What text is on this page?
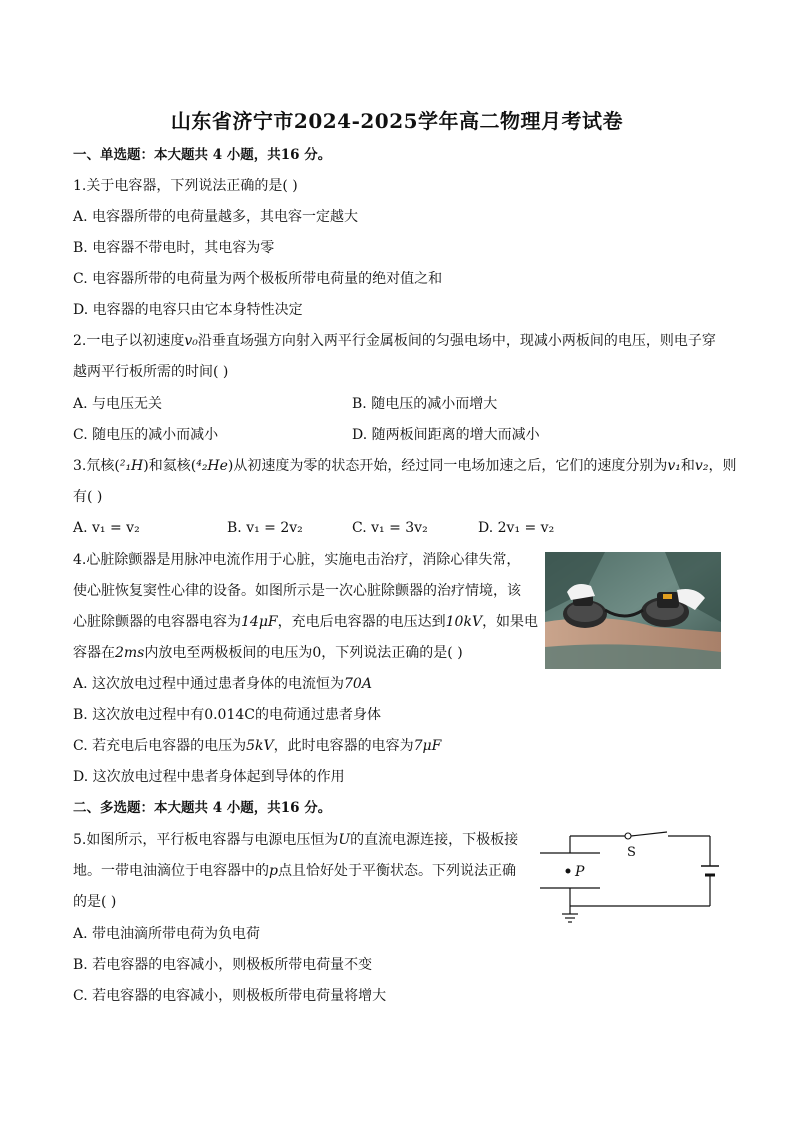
山东省济宁市2024-2025学年高二物理月考试卷
一、单选题：本大题共 4 小题，共16 分。
1.关于电容器，下列说法正确的是( )
A. 电容器所带的电荷量越多，其电容一定越大
B. 电容器不带电时，其电容为零
C. 电容器所带的电荷量为两个极板所带电荷量的绝对值之和
D. 电容器的电容只由它本身特性决定
2.一电子以初速度v₀沿垂直场强方向射入两平行金属板间的匀强电场中，现减小两板间的电压，则电子穿
越两平行板所需的时间( )
A. 与电压无关	B. 随电压的减小而增大
C. 随电压的减小而减小	D. 随两板间距离的增大而减小
3.氘核(²₁H)和氦核(⁴₂He)从初速度为零的状态开始，经过同一电场加速之后，它们的速度分别为v₁和v₂，则
有( )
A. v₁ = v₂	B. v₁ = 2v₂	C. v₁ = 3v₂	D. 2v₁ = v₂
4.心脏除颤器是用脉冲电流作用于心脏，实施电击治疗，消除心律失常，
使心脏恢复窦性心律的设备。如图所示是一次心脏除颤器的治疗情境，该
心脏除颤器的电容器电容为14μF，充电后电容器的电压达到10kV，如果电
容器在2ms内放电至两极板间的电压为0，下列说法正确的是( )
A. 这次放电过程中通过患者身体的电流恒为70A
B. 这次放电过程中有0.014C的电荷通过患者身体
C. 若充电后电容器的电压为5kV，此时电容器的电容为7μF
D. 这次放电过程中患者身体起到导体的作用
二、多选题：本大题共 4 小题，共16 分。
5.如图所示，平行板电容器与电源电压恒为U的直流电源连接，下极板接
地。一带电油滴位于电容器中的p点且恰好处于平衡状态。下列说法正确
的是( )
A. 带电油滴所带电荷为负电荷
B. 若电容器的电容减小，则极板所带电荷量不变
C. 若电容器的电容减小，则极板所带电荷量将增大
P
S
